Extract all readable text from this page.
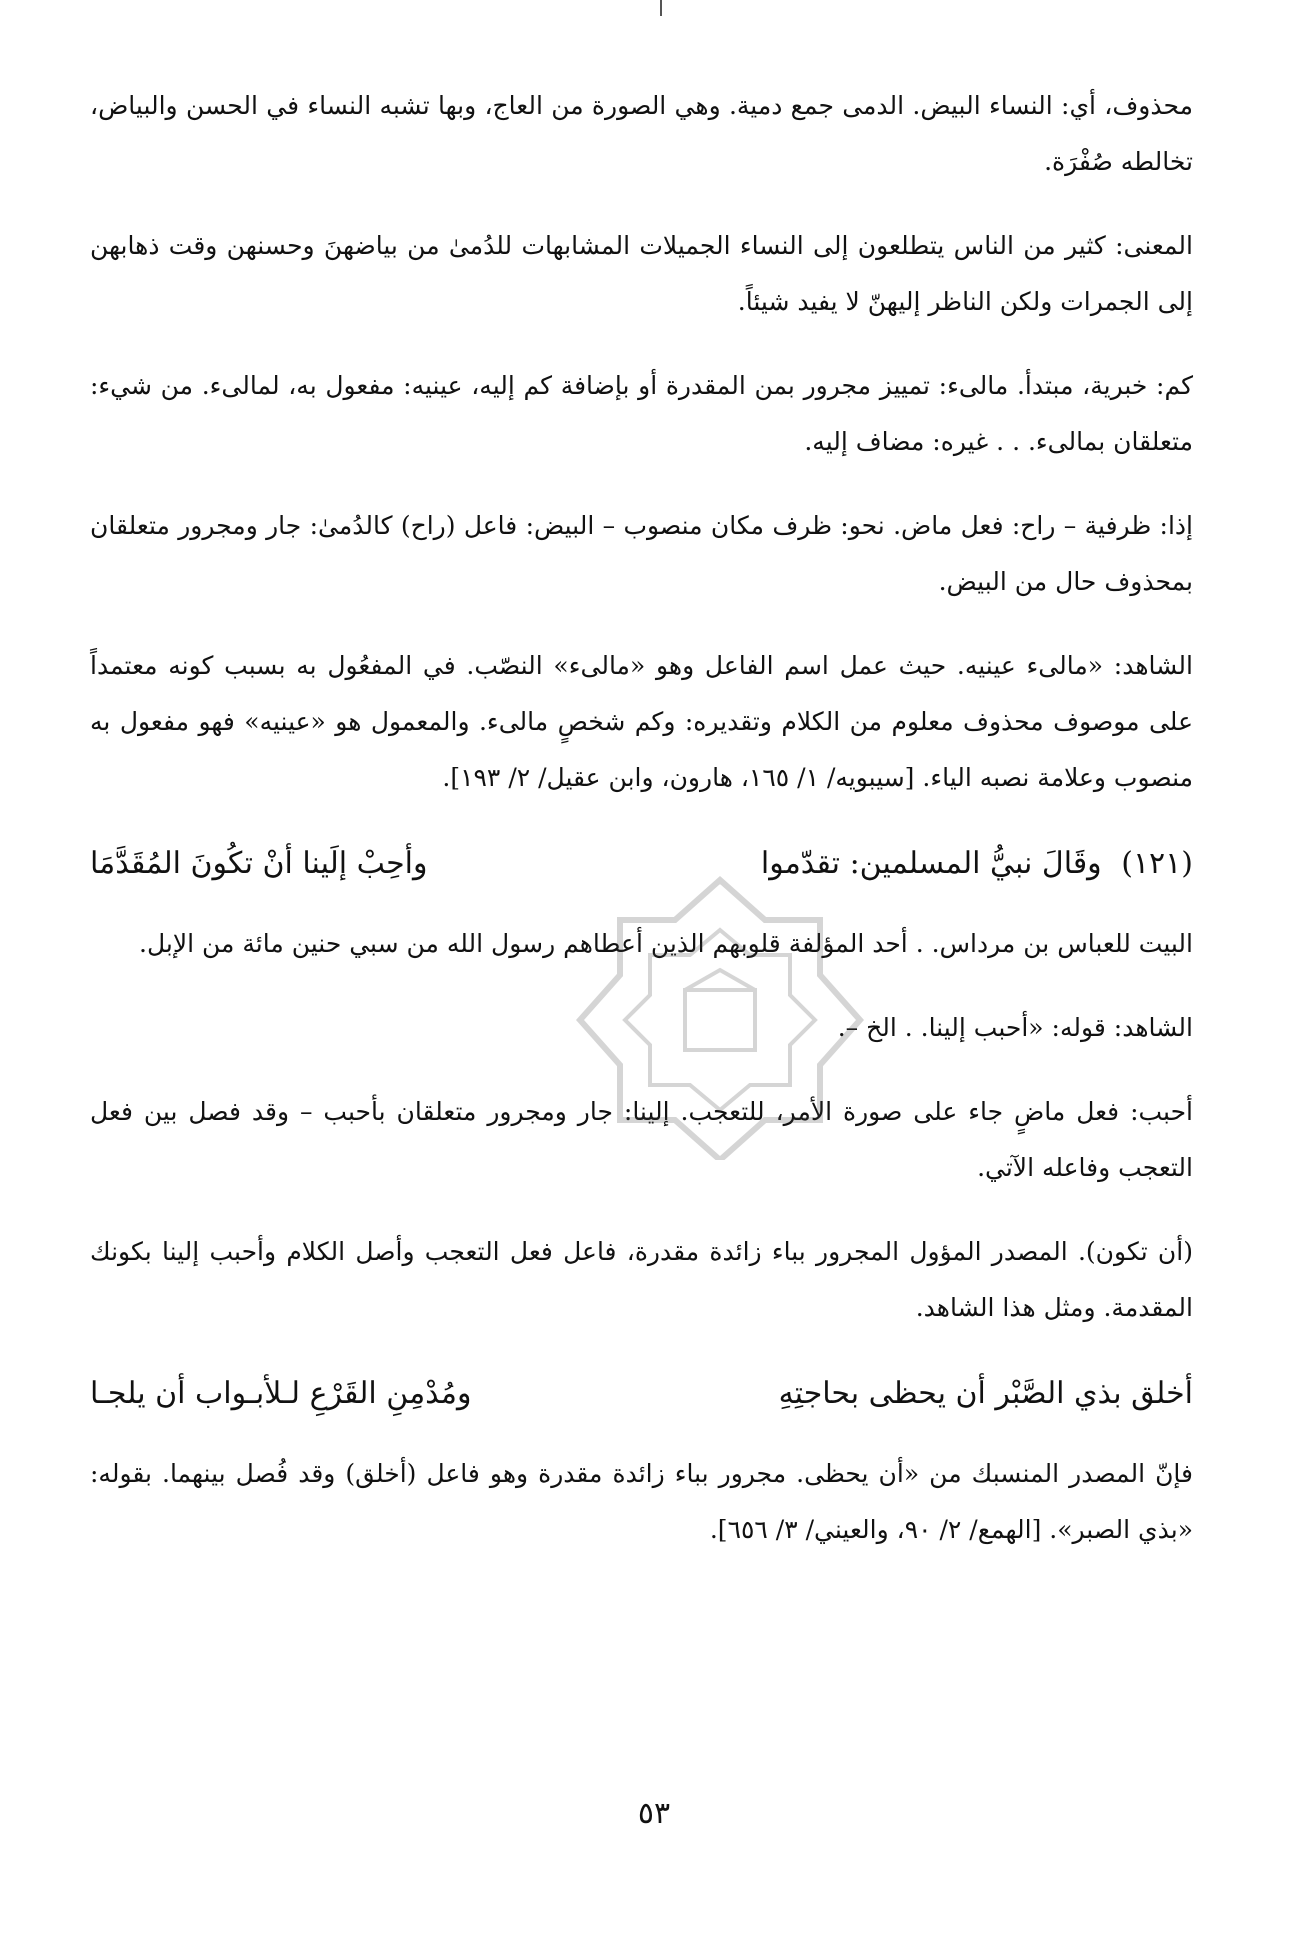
محذوف، أي: النساء البيض. الدمى جمع دمية. وهي الصورة من العاج، وبها تشبه النساء في الحسن والبياض، تخالطه صُفْرَة.

المعنى: كثير من الناس يتطلعون إلى النساء الجميلات المشابهات للدُمىٰ من بياضهنَ وحسنهن وقت ذهابهن إلى الجمرات ولكن الناظر إليهنّ لا يفيد شيئاً.

كم: خبرية، مبتدأ. مالىء: تمييز مجرور بمن المقدرة أو بإضافة كم إليه، عينيه: مفعول به، لمالىء. من شيء: متعلقان بمالىء. . . غيره: مضاف إليه.

إذا: ظرفية – راح: فعل ماض. نحو: ظرف مكان منصوب – البيض: فاعل (راح) كالدُمىٰ: جار ومجرور متعلقان بمحذوف حال من البيض.

الشاهد: «مالىء عينيه. حيث عمل اسم الفاعل وهو «مالىء» النصّب. في المفعُول به بسبب كونه معتمداً على موصوف محذوف معلوم من الكلام وتقديره: وكم شخصٍ مالىء. والمعمول هو «عينيه» فهو مفعول به منصوب وعلامة نصبه الياء. [سيبويه/ ١/ ١٦٥، هارون، وابن عقيل/ ٢/ ١٩٣].

(١٢١) وقَالَ نبيُّ المسلمين: تقدّموا
وأحِبْ إلَينا أنْ تكُونَ المُقَدَّمَا

البيت للعباس بن مرداس. . أحد المؤلفة قلوبهم الذين أعطاهم رسول الله من سبي حنين مائة من الإبل.

الشاهد: قوله: «أحبب إلينا. . الخ –.

أحبب: فعل ماضٍ جاء على صورة الأمر، للتعجب. إلينا: جار ومجرور متعلقان بأحبب – وقد فصل بين فعل التعجب وفاعله الآتي.

(أن تكون). المصدر المؤول المجرور بباء زائدة مقدرة، فاعل فعل التعجب وأصل الكلام وأحبب إلينا بكونك المقدمة. ومثل هذا الشاهد.

أخلق بذي الصَّبْر أن يحظى بحاجتِهِ
ومُدْمِنِ القَرْعِ لـلأبـواب أن يلجـا

فإنّ المصدر المنسبك من «أن يحظى. مجرور بباء زائدة مقدرة وهو فاعل (أخلق) وقد فُصل بينهما. بقوله: «بذي الصبر». [الهمع/ ٢/ ٩٠، والعيني/ ٣/ ٦٥٦].

٥٣
